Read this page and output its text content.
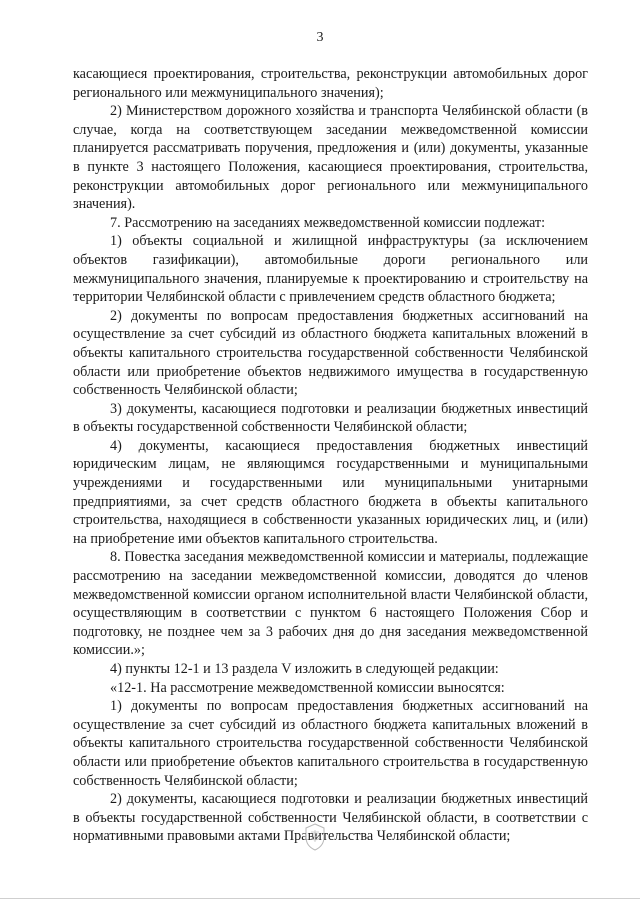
3

касающиеся проектирования, строительства, реконструкции автомобильных дорог регионального или межмуниципального значения);

2) Министерством дорожного хозяйства и транспорта Челябинской области (в случае, когда на соответствующем заседании межведомственной комиссии планируется рассматривать поручения, предложения и (или) документы, указанные в пункте 3 настоящего Положения, касающиеся проектирования, строительства, реконструкции автомобильных дорог регионального или межмуниципального значения).

7. Рассмотрению на заседаниях межведомственной комиссии подлежат:

1) объекты социальной и жилищной инфраструктуры (за исключением объектов газификации), автомобильные дороги регионального или межмуниципального значения, планируемые к проектированию и строительству на территории Челябинской области с привлечением средств областного бюджета;

2) документы по вопросам предоставления бюджетных ассигнований на осуществление за счет субсидий из областного бюджета капитальных вложений в объекты капитального строительства государственной собственности Челябинской области или приобретение объектов недвижимого имущества в государственную собственность Челябинской области;

3) документы, касающиеся подготовки и реализации бюджетных инвестиций в объекты государственной собственности Челябинской области;

4) документы, касающиеся предоставления бюджетных инвестиций юридическим лицам, не являющимся государственными и муниципальными учреждениями и государственными или муниципальными унитарными предприятиями, за счет средств областного бюджета в объекты капитального строительства, находящиеся в собственности указанных юридических лиц, и (или) на приобретение ими объектов капитального строительства.

8. Повестка заседания межведомственной комиссии и материалы, подлежащие рассмотрению на заседании межведомственной комиссии, доводятся до членов межведомственной комиссии органом исполнительной власти Челябинской области, осуществляющим в соответствии с пунктом 6 настоящего Положения Сбор и подготовку, не позднее чем за 3 рабочих дня до дня заседания межведомственной комиссии.»;

4) пункты 12-1 и 13 раздела V изложить в следующей редакции:

«12-1. На рассмотрение межведомственной комиссии выносятся:

1) документы по вопросам предоставления бюджетных ассигнований на осуществление за счет субсидий из областного бюджета капитальных вложений в объекты капитального строительства государственной собственности Челябинской области или приобретение объектов капитального строительства в государственную собственность Челябинской области;

2) документы, касающиеся подготовки и реализации бюджетных инвестиций в объекты государственной собственности Челябинской области, в соответствии с нормативными правовыми актами Правительства Челябинской области;
